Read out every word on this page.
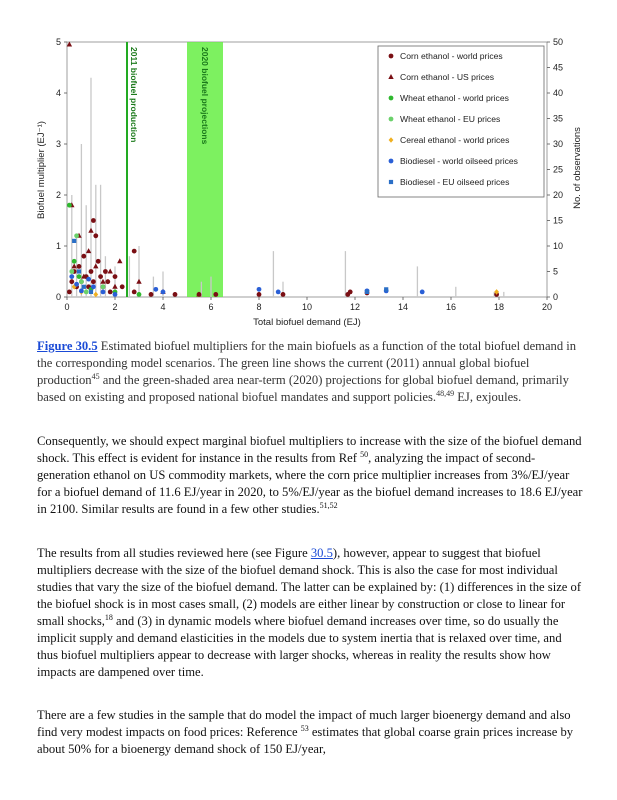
2020 biofuel projections
2011 biofuel production
0	2	4	6	8	10	12	14	16	18	20
0
1
2
3
4
5
0
5
10
15
20
25
30
35
40
45
50
Corn ethanol - world prices
Corn ethanol - US prices
Wheat ethanol - world prices
Wheat ethanol - EU prices
Cereal ethanol - world prices
Biodiesel - world oilseed prices
Biodiesel - EU oilseed prices
Total biofuel demand (EJ)
Biofuel multiplier (EJ⁻¹)	No. of observations
Figure 30.5 Estimated biofuel multipliers for the main biofuels as a function of the total biofuel demand in the corresponding model scenarios. The green line shows the current (2011) annual global biofuel production$^{45}$ and the green-shaded area near-term (2020) projections for global biofuel demand, primarily based on existing and proposed national biofuel mandates and support policies.$^{48,49}$ EJ, exjoules.

Consequently, we should expect marginal biofuel multipliers to increase with the size of the biofuel demand shock. This effect is evident for instance in the results from Ref $^{50}$, analyzing the impact of second-generation ethanol on US commodity markets, where the corn price multiplier increases from 3%/EJ/year for a biofuel demand of 11.6 EJ/year in 2020, to 5%/EJ/year as the biofuel demand increases to 18.6 EJ/year in 2100. Similar results are found in a few other studies.$^{51,52}$

The results from all studies reviewed here (see Figure 30.5), however, appear to suggest that biofuel multipliers decrease with the size of the biofuel demand shock. This is also the case for most individual studies that vary the size of the biofuel demand. The latter can be explained by: (1) differences in the size of the biofuel shock is in most cases small, (2) models are either linear by construction or close to linear for small shocks,$^{18}$ and (3) in dynamic models where biofuel demand increases over time, so do usually the implicit supply and demand elasticities in the models due to system inertia that is relaxed over time, and thus biofuel multipliers appear to decrease with larger shocks, whereas in reality the results show how impacts are dampened over time.

There are a few studies in the sample that do model the impact of much larger bioenergy demand and also find very modest impacts on food prices: Reference $^{53}$ estimates that global coarse grain prices increase by about 50% for a bioenergy demand shock of 150 EJ/year,
